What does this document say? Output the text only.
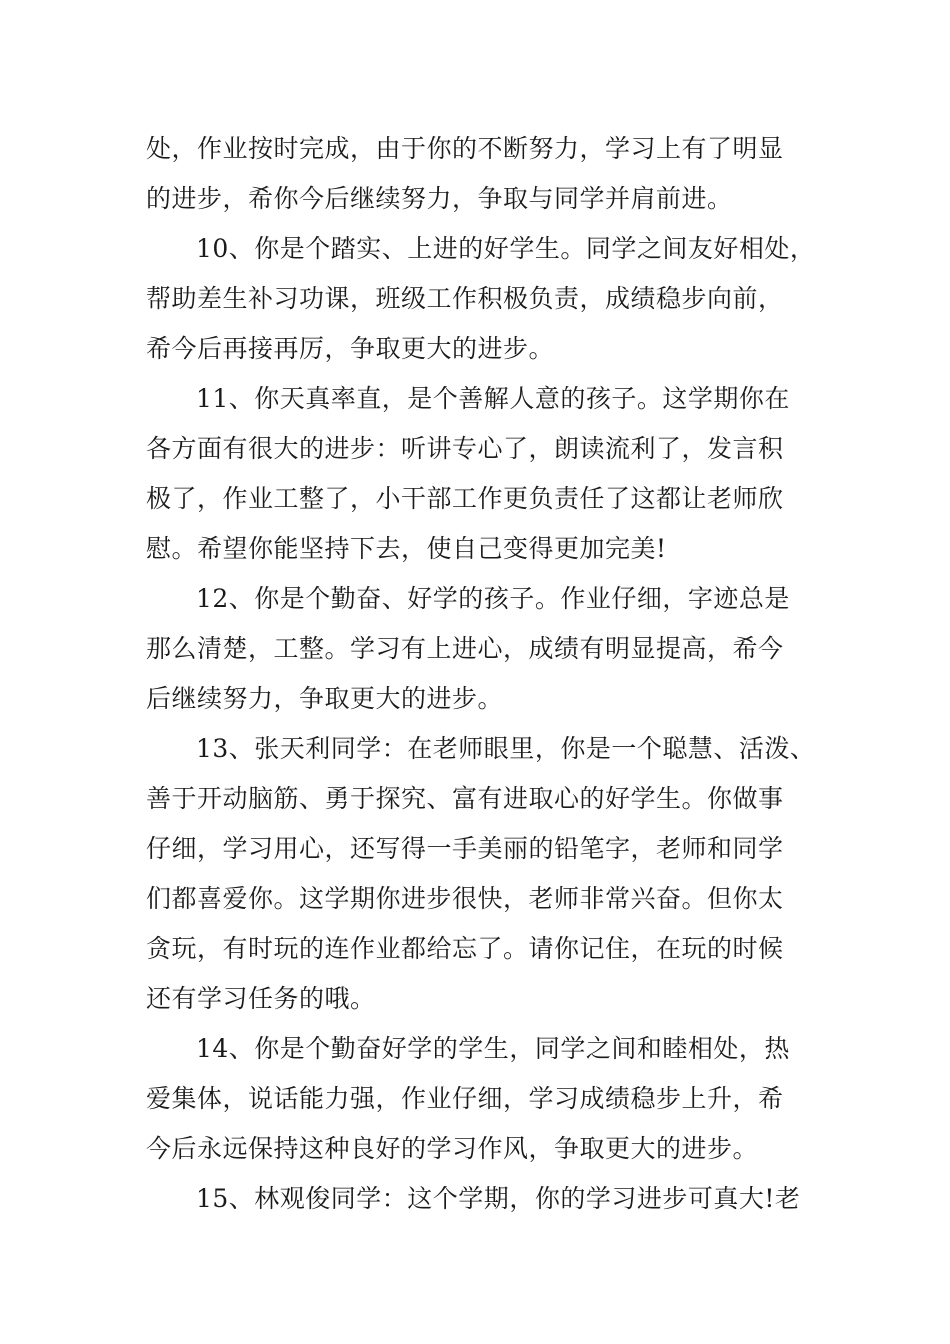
处，作业按时完成，由于你的不断努力，学习上有了明显
的进步，希你今后继续努力，争取与同学并肩前进。
10、你是个踏实、上进的好学生。同学之间友好相处，
帮助差生补习功课，班级工作积极负责，成绩稳步向前，
希今后再接再厉，争取更大的进步。
11、你天真率直，是个善解人意的孩子。这学期你在
各方面有很大的进步：听讲专心了，朗读流利了，发言积
极了，作业工整了，小干部工作更负责任了这都让老师欣
慰。希望你能坚持下去，使自己变得更加完美!
12、你是个勤奋、好学的孩子。作业仔细，字迹总是
那么清楚，工整。学习有上进心，成绩有明显提高，希今
后继续努力，争取更大的进步。
13、张天利同学：在老师眼里，你是一个聪慧、活泼、
善于开动脑筋、勇于探究、富有进取心的好学生。你做事
仔细，学习用心，还写得一手美丽的铅笔字，老师和同学
们都喜爱你。这学期你进步很快，老师非常兴奋。但你太
贪玩，有时玩的连作业都给忘了。请你记住，在玩的时候
还有学习任务的哦。
14、你是个勤奋好学的学生，同学之间和睦相处，热
爱集体，说话能力强，作业仔细，学习成绩稳步上升，希
今后永远保持这种良好的学习作风，争取更大的进步。
15、林观俊同学：这个学期，你的学习进步可真大!老
